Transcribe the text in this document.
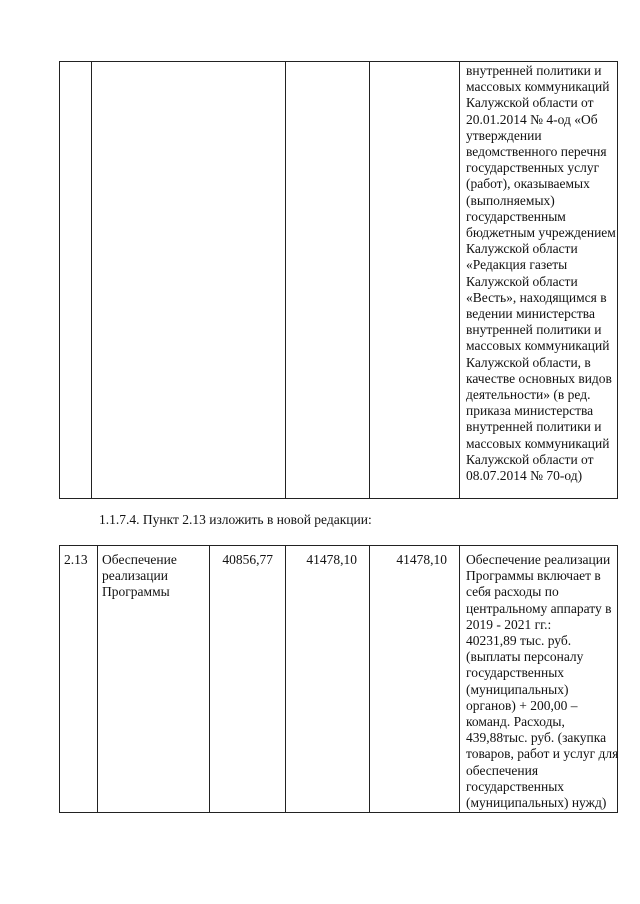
внутренней политики и
массовых коммуникаций
Калужской области от
20.01.2014 № 4-од «Об
утверждении
ведомственного перечня
государственных услуг
(работ), оказываемых
(выполняемых)
государственным
бюджетным учреждением
Калужской области
«Редакция газеты
Калужской области
«Весть», находящимся в
ведении министерства
внутренней политики и
массовых коммуникаций
Калужской области, в
качестве основных видов
деятельности» (в ред.
приказа министерства
внутренней политики и
массовых коммуникаций
Калужской области от
08.07.2014 № 70-од)
1.1.7.4. Пункт 2.13 изложить в новой редакции:
2.13	Обеспечение
реализации
Программы
	40856,77	41478,10	41478,10	Обеспечение реализации
Программы включает в
себя расходы по
центральному аппарату в
2019 - 2021 гг.:
40231,89 тыс. руб.
(выплаты персоналу
государственных
(муниципальных)
органов) + 200,00 –
команд. Расходы,
439,88тыс. руб. (закупка
товаров, работ и услуг для
обеспечения
государственных
(муниципальных) нужд)
